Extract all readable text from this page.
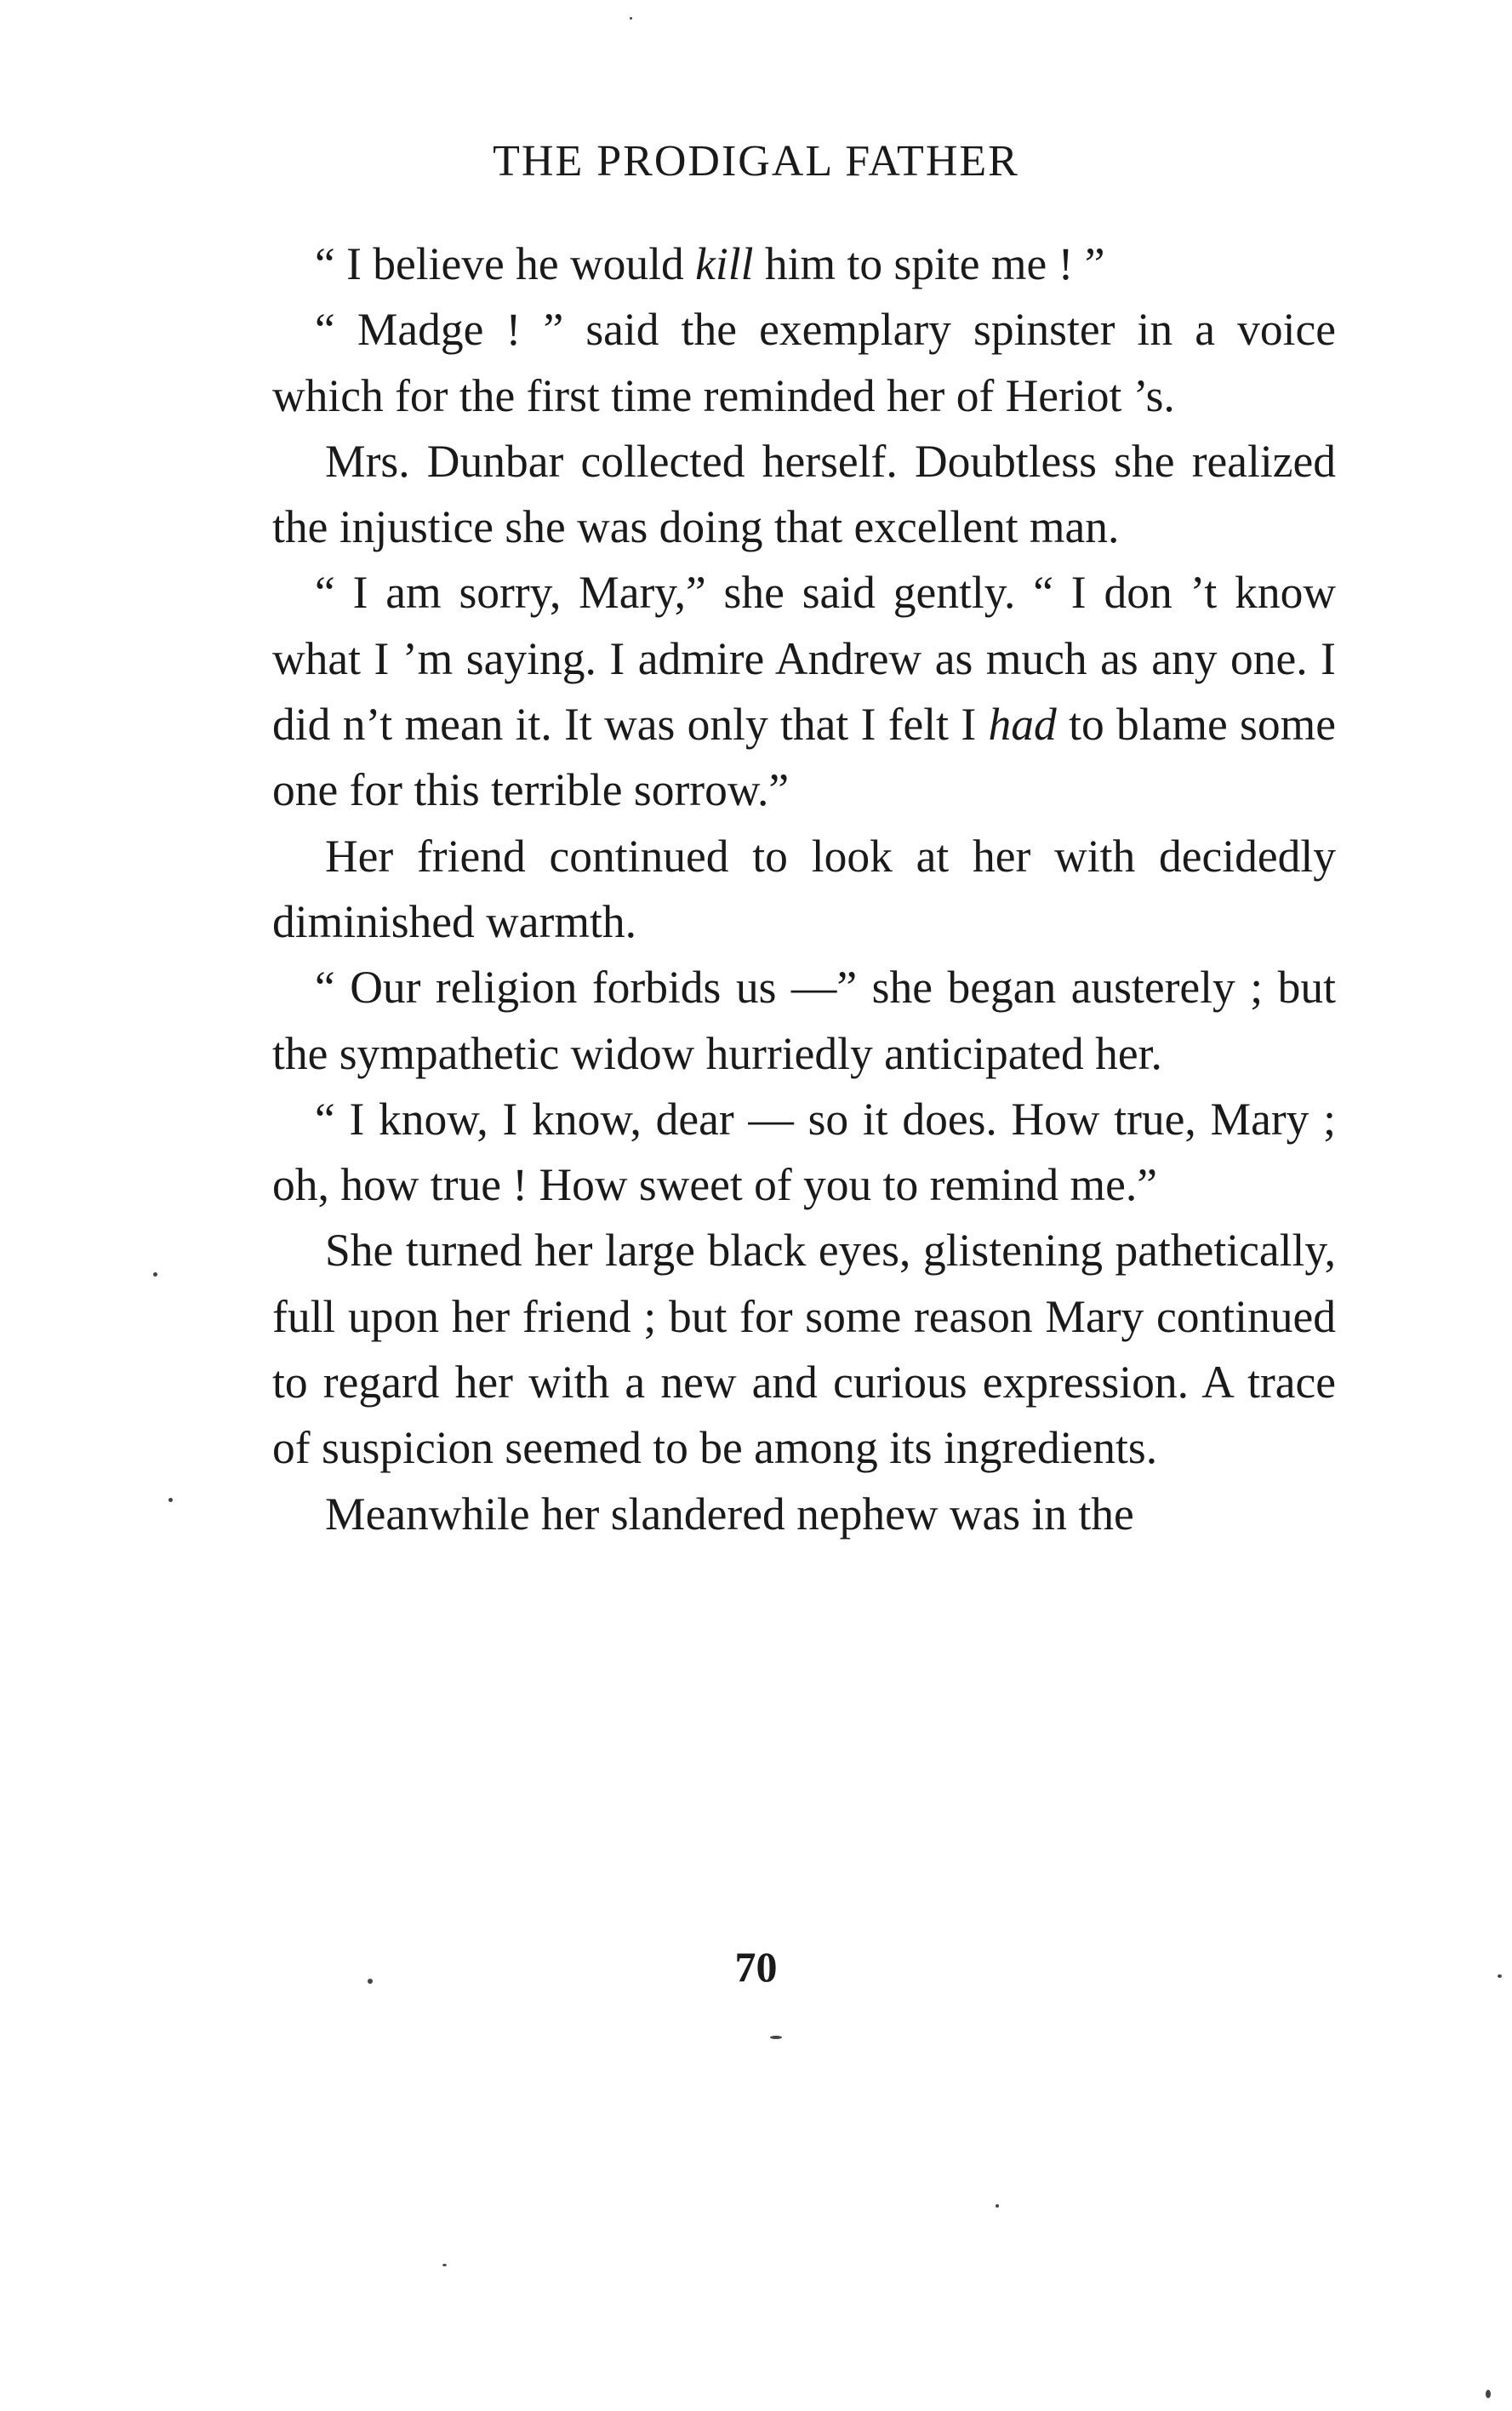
THE PRODIGAL FATHER

“ I believe he would kill him to spite me ! ”

“ Madge ! ” said the exemplary spinster in a voice which for the first time reminded her of Heriot ’s.

Mrs. Dunbar collected herself. Doubtless she realized the injustice she was doing that excellent man.

“ I am sorry, Mary,” she said gently. “ I don ’t know what I ’m saying. I admire Andrew as much as any one. I did n’t mean it. It was only that I felt I had to blame some one for this terrible sorrow.”

Her friend continued to look at her with decidedly diminished warmth.

“ Our religion forbids us —” she began austerely ; but the sympathetic widow hurriedly anticipated her.

“ I know, I know, dear — so it does. How true, Mary ; oh, how true ! How sweet of you to remind me.”

She turned her large black eyes, glistening pathetically, full upon her friend ; but for some reason Mary continued to regard her with a new and curious expression. A trace of suspicion seemed to be among its ingredients.

Meanwhile her slandered nephew was in the

70
